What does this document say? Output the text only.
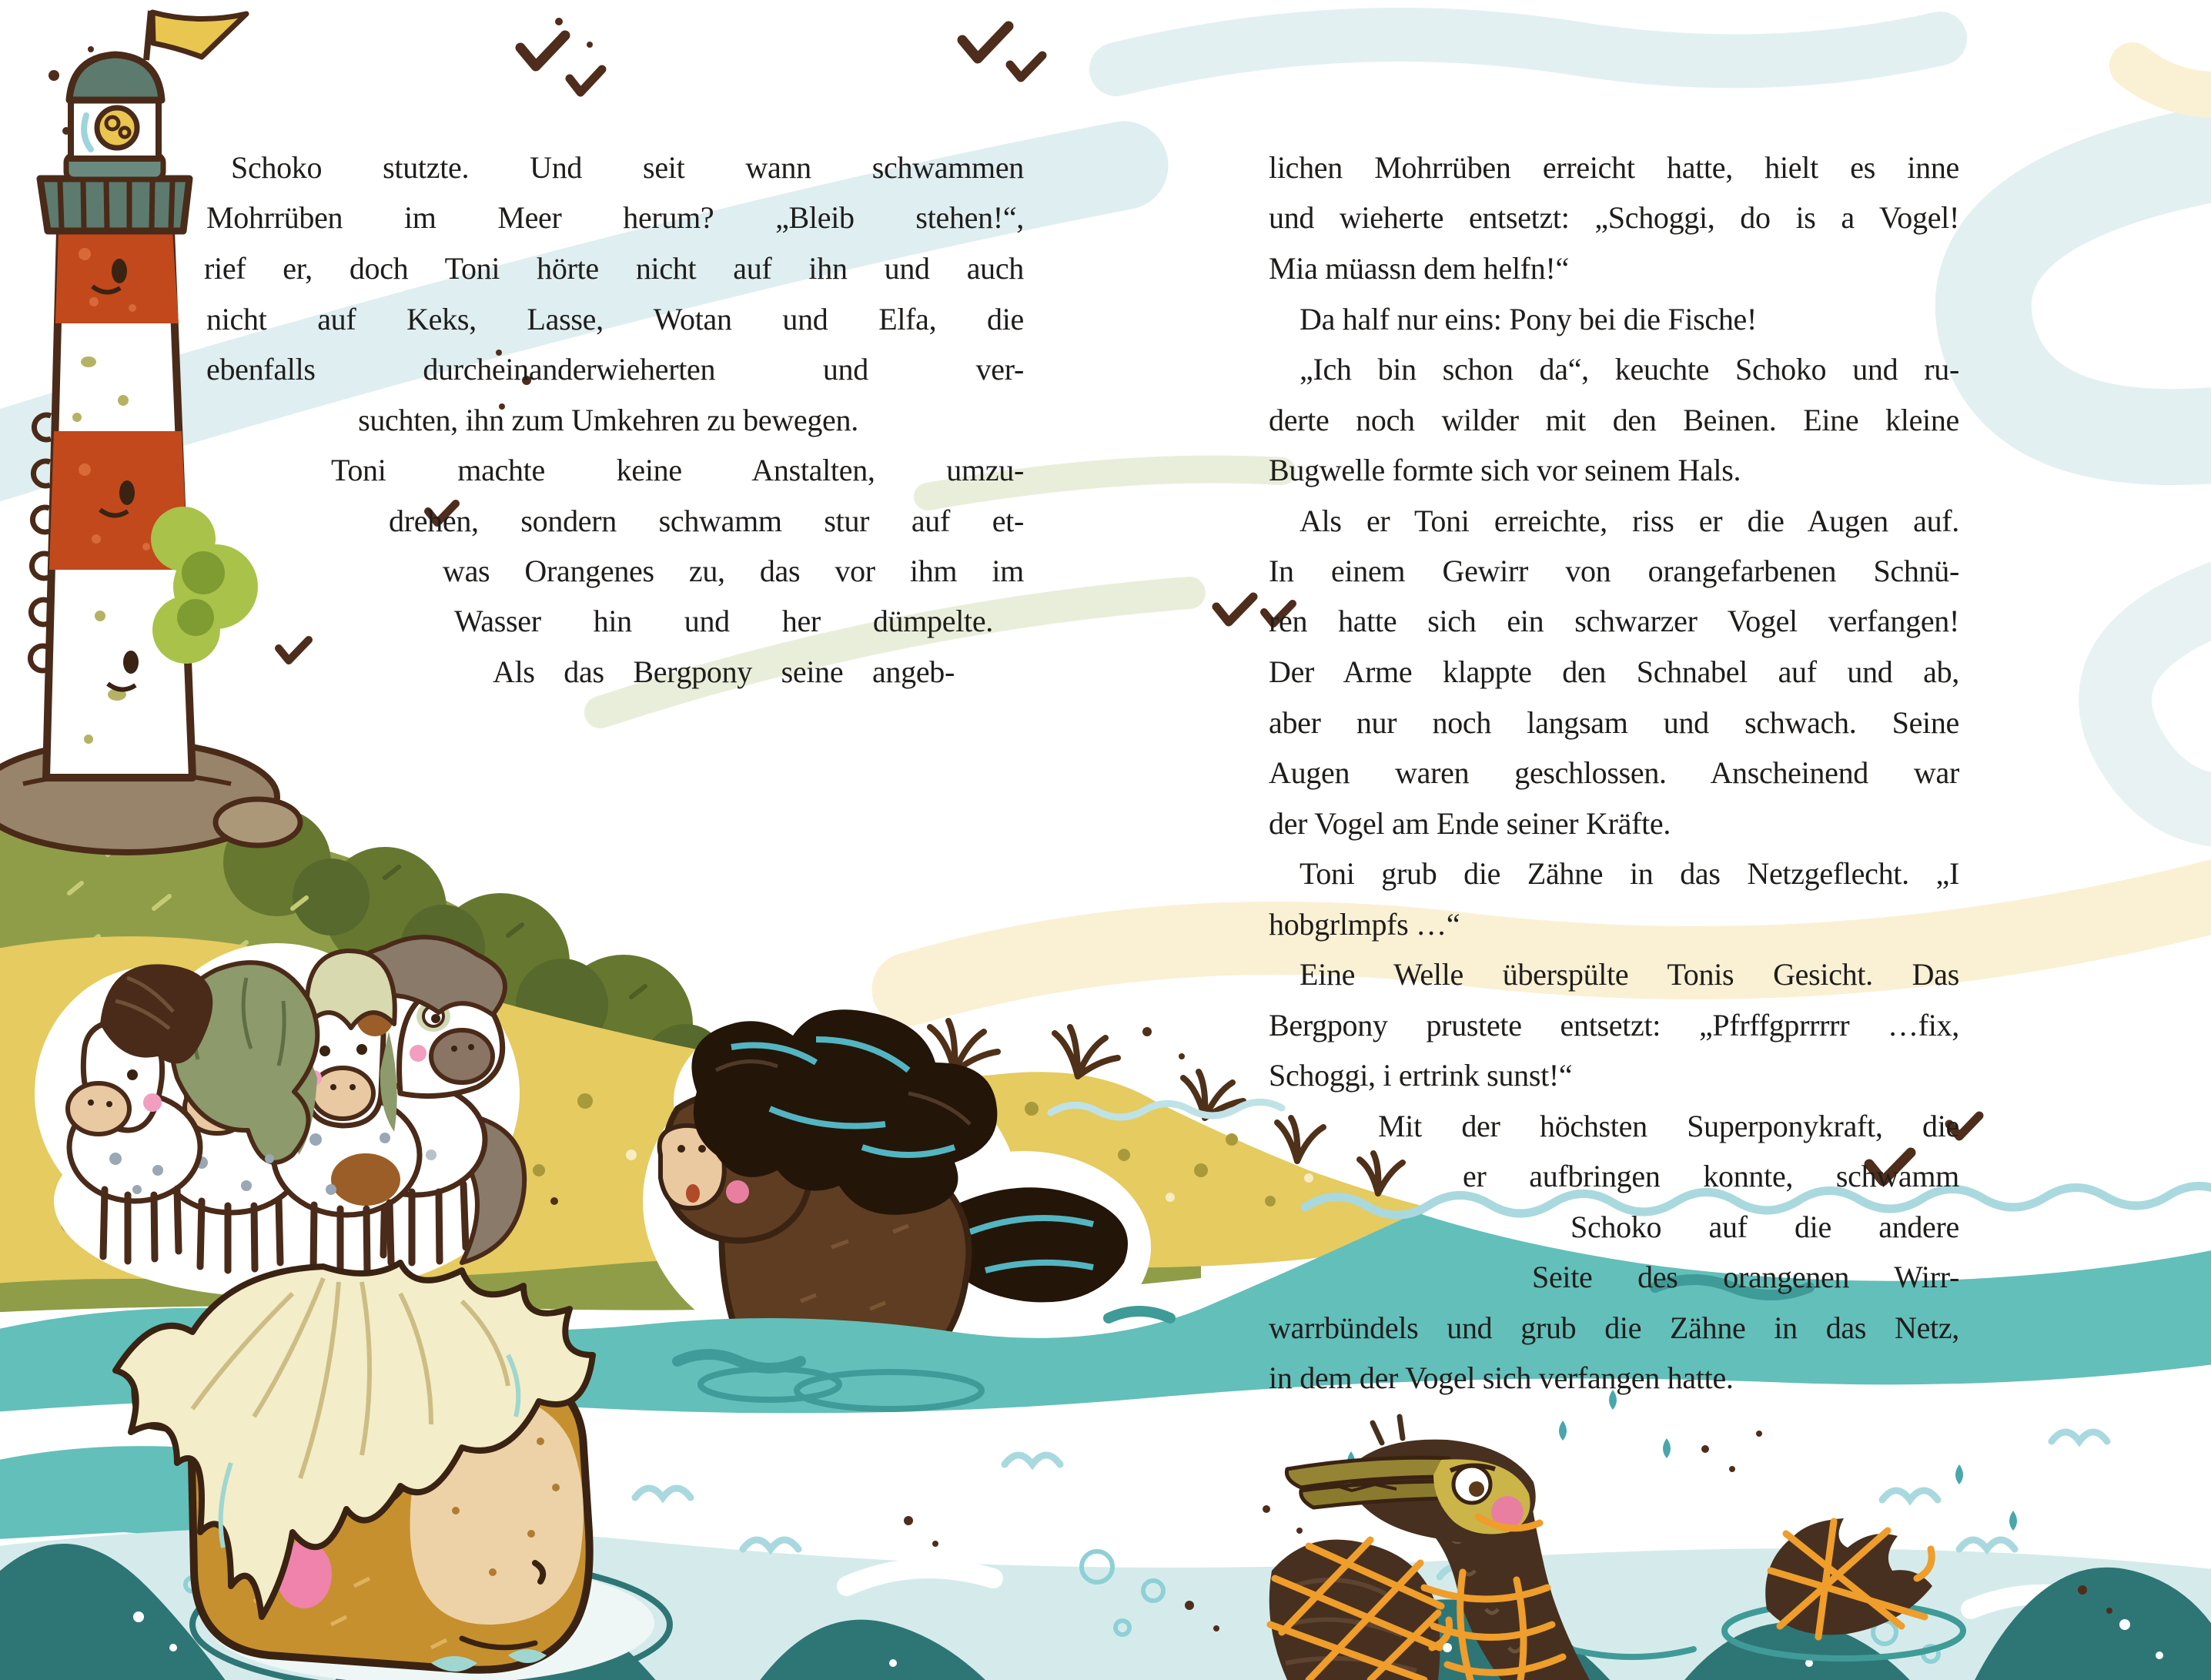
Schoko stutzte. Und seit wann schwammen
Mohrrüben im Meer herum? „Bleib stehen!“,
rief er, doch Toni hörte nicht auf ihn und auch
nicht auf Keks, Lasse, Wotan und Elfa, die
ebenfalls durcheinanderwieherten und ver-
suchten, ihn zum Umkehren zu bewegen.
Toni machte keine Anstalten, umzu-
drehen, sondern schwamm stur auf et-
was Orangenes zu, das vor ihm im
Wasser hin und her dümpelte.
Als das Bergpony seine angeb-
lichen Mohrrüben erreicht hatte, hielt es inne
und wieherte entsetzt: „Schoggi, do is a Vogel!
Mia müassn dem helfn!“
Da half nur eins: Pony bei die Fische!
„Ich bin schon da“, keuchte Schoko und ru-
derte noch wilder mit den Beinen. Eine kleine
Bugwelle formte sich vor seinem Hals.
Als er Toni erreichte, riss er die Augen auf.
In einem Gewirr von orangefarbenen Schnü-
ren hatte sich ein schwarzer Vogel verfangen!
Der Arme klappte den Schnabel auf und ab,
aber nur noch langsam und schwach. Seine
Augen waren geschlossen. Anscheinend war
der Vogel am Ende seiner Kräfte.
Toni grub die Zähne in das Netzgeflecht. „I
hobgrlmpfs …“
Eine Welle überspülte Tonis Gesicht. Das
Bergpony prustete entsetzt: „Pfrffgprrrrr …fix,
Schoggi, i ertrink sunst!“
Mit der höchsten Superponykraft, die
er aufbringen konnte, schwamm
Schoko auf die andere
Seite des orangenen Wirr-
warrbündels und grub die Zähne in das Netz,
in dem der Vogel sich verfangen hatte.
